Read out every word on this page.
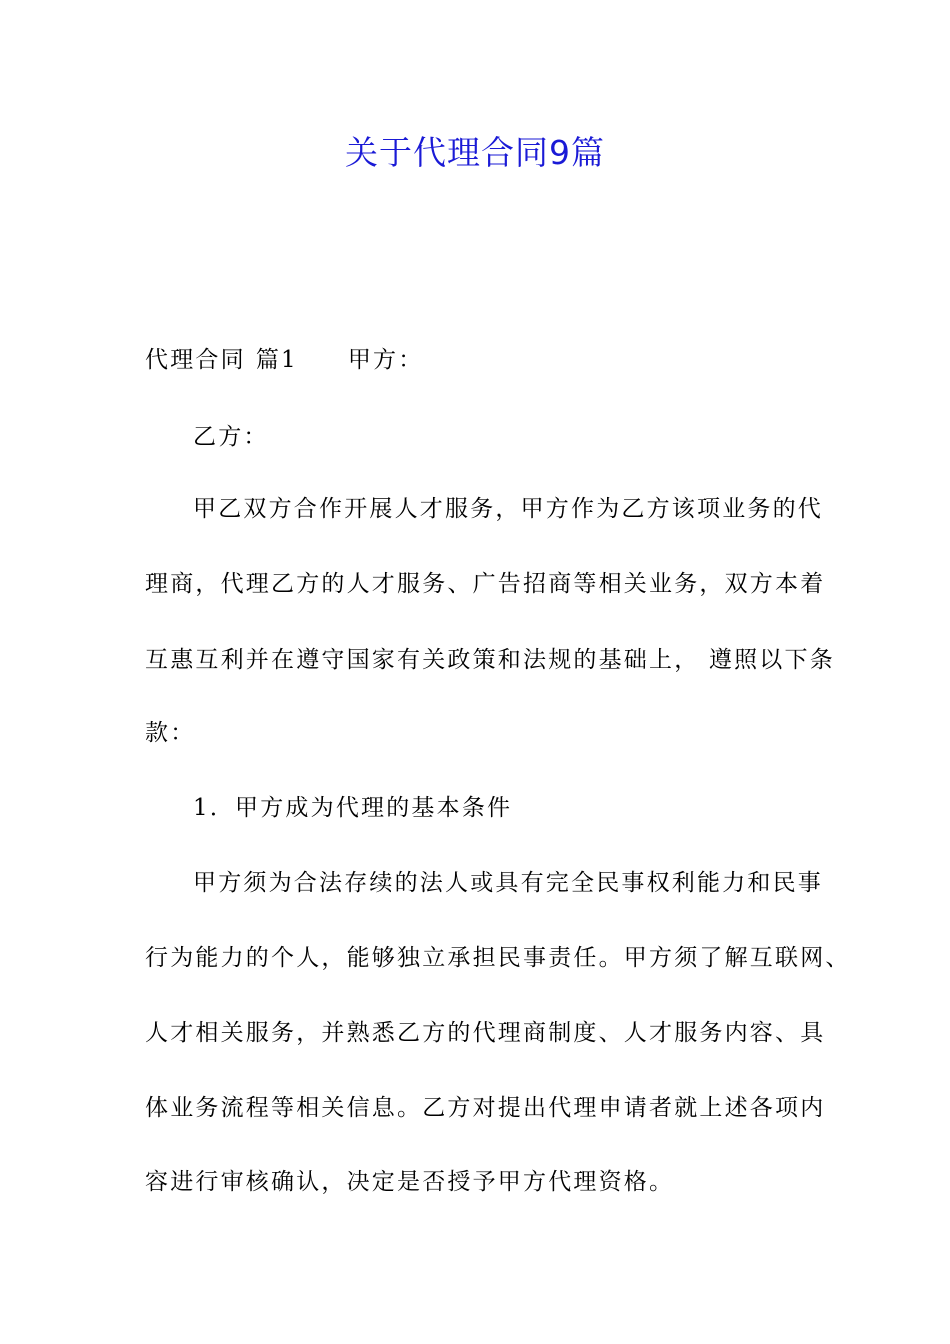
关于代理合同9篇
代理合同 篇1 甲方：
乙方：
甲乙双方合作开展人才服务，甲方作为乙方该项业务的代
理商，代理乙方的人才服务、广告招商等相关业务，双方本着
互惠互利并在遵守国家有关政策和法规的基础上， 遵照以下条
款：
1．甲方成为代理的基本条件
甲方须为合法存续的法人或具有完全民事权利能力和民事
行为能力的个人，能够独立承担民事责任。甲方须了解互联网、
人才相关服务，并熟悉乙方的代理商制度、人才服务内容、具
体业务流程等相关信息。乙方对提出代理申请者就上述各项内
容进行审核确认，决定是否授予甲方代理资格。
